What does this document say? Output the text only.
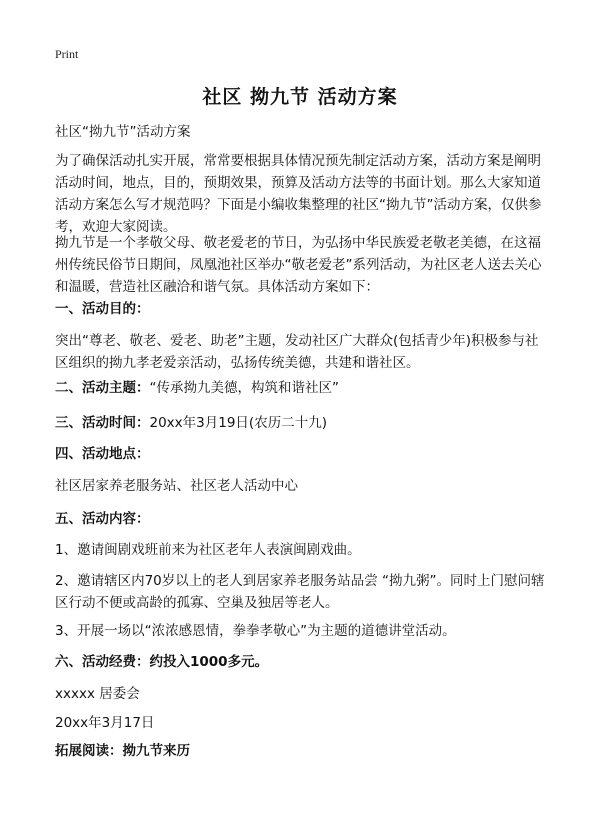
Print
社区 拗九节 活动方案
社区“拗九节”活动方案
为了确保活动扎实开展，常常要根据具体情况预先制定活动方案，活动方案是阐明活动时间，地点，目的，预期效果，预算及活动方法等的书面计划。那么大家知道活动方案怎么写才规范吗？下面是小编收集整理的社区“拗九节”活动方案，仅供参考，欢迎大家阅读。
拗九节是一个孝敬父母、敬老爱老的节日，为弘扬中华民族爱老敬老美德，在这福州传统民俗节日期间，凤凰池社区举办“敬老爱老”系列活动，为社区老人送去关心和温暖，营造社区融洽和谐气氛。具体活动方案如下：
一、活动目的：
突出“尊老、敬老、爱老、助老”主题，发动社区广大群众(包括青少年)积极参与社区组织的拗九孝老爱亲活动，弘扬传统美德，共建和谐社区。
二、活动主题：“传承拗九美德，构筑和谐社区”
三、活动时间：20xx年3月19日(农历二十九)
四、活动地点：
社区居家养老服务站、社区老人活动中心
五、活动内容：
1、邀请闽剧戏班前来为社区老年人表演闽剧戏曲。
2、邀请辖区内70岁以上的老人到居家养老服务站品尝 “拗九粥”。同时上门慰问辖区行动不便或高龄的孤寡、空巢及独居等老人。
3、开展一场以“浓浓感恩情，拳拳孝敬心”为主题的道德讲堂活动。
六、活动经费：约投入1000多元。
xxxxx 居委会
20xx年3月17日
拓展阅读：拗九节来历
